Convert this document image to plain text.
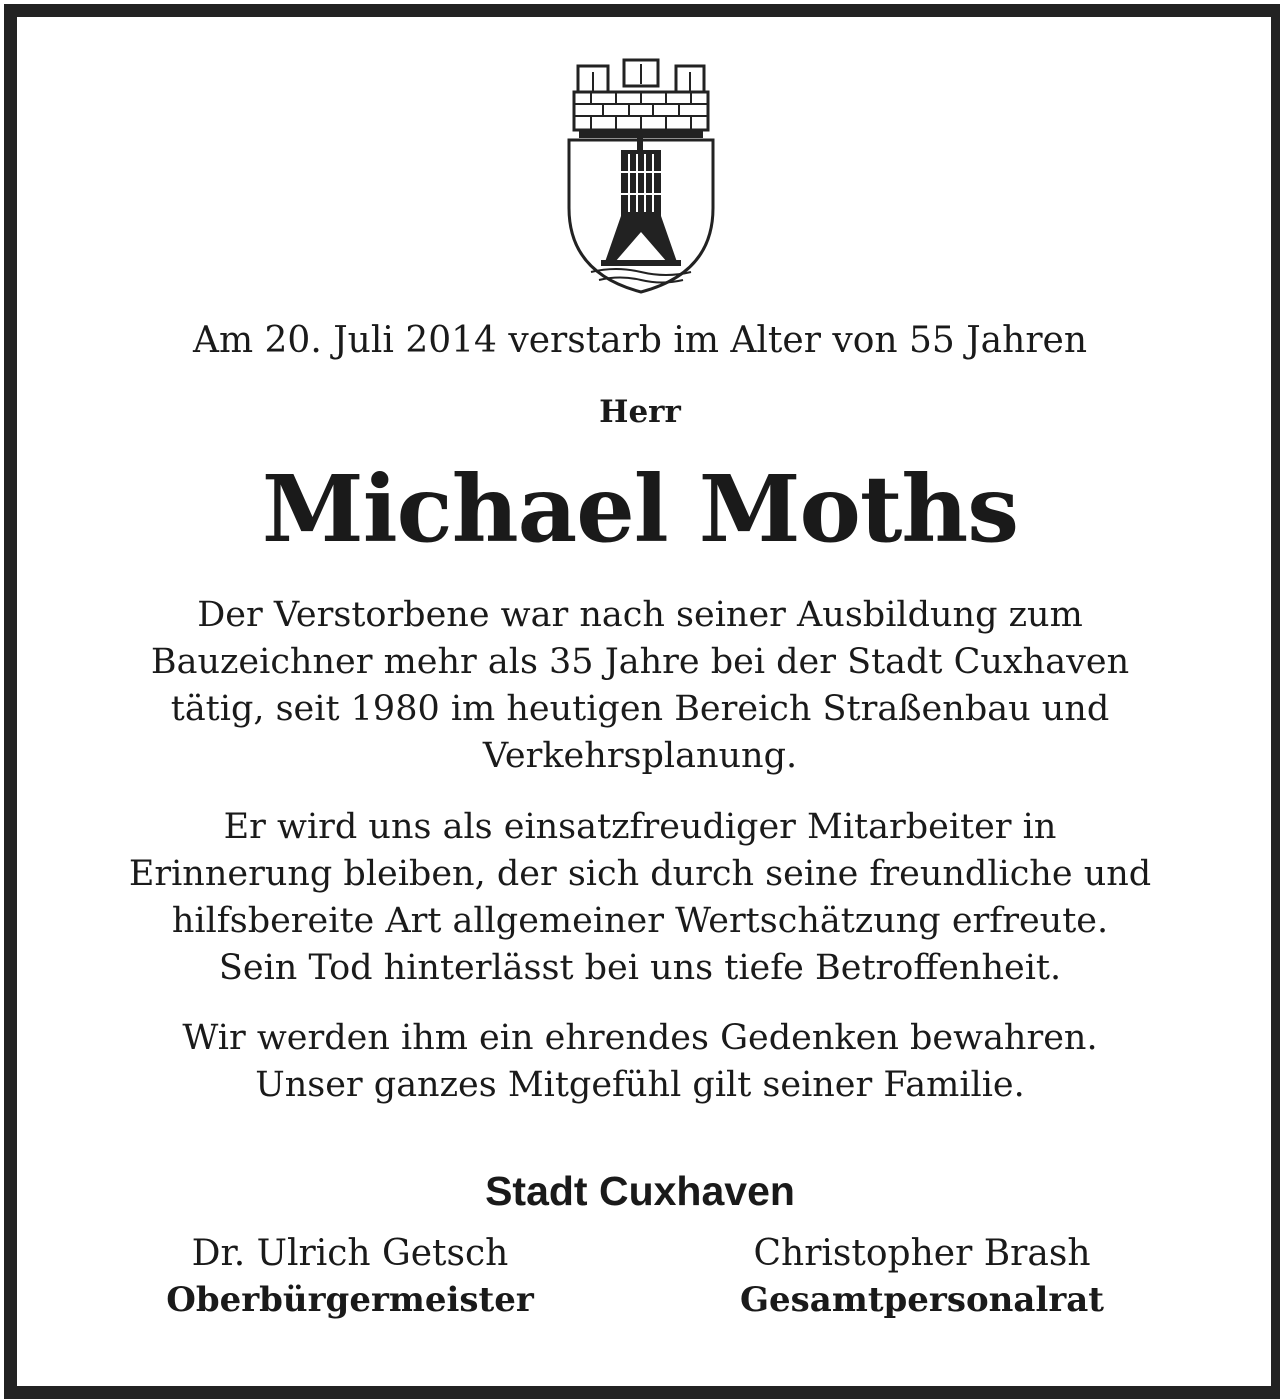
Am 20. Juli 2014 verstarb im Alter von 55 Jahren
Herr
Michael Moths
Der Verstorbene war nach seiner Ausbildung zum
Bauzeichner mehr als 35 Jahre bei der Stadt Cuxhaven
tätig, seit 1980 im heutigen Bereich Straßenbau und
Verkehrsplanung.
Er wird uns als einsatzfreudiger Mitarbeiter in
Erinnerung bleiben, der sich durch seine freundliche und
hilfsbereite Art allgemeiner Wertschätzung erfreute.
Sein Tod hinterlässt bei uns tiefe Betroffenheit.
Wir werden ihm ein ehrendes Gedenken bewahren.
Unser ganzes Mitgefühl gilt seiner Familie.
Stadt Cuxhaven
Dr. Ulrich Getsch
Oberbürgermeister
Christopher Brash
Gesamtpersonalrat
